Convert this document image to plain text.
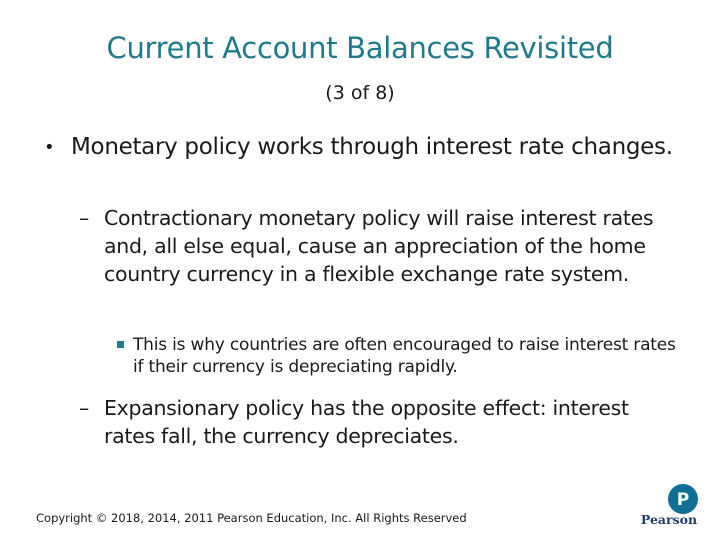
Current Account Balances Revisited
(3 of 8)
• Monetary policy works through interest rate changes.
– Contractionary monetary policy will raise interest rates and, all else equal, cause an appreciation of the home country currency in a flexible exchange rate system.
This is why countries are often encouraged to raise interest rates if their currency is depreciating rapidly.
– Expansionary policy has the opposite effect: interest rates fall, the currency depreciates.
Copyright © 2018, 2014, 2011 Pearson Education, Inc. All Rights Reserved
P
Pearson
